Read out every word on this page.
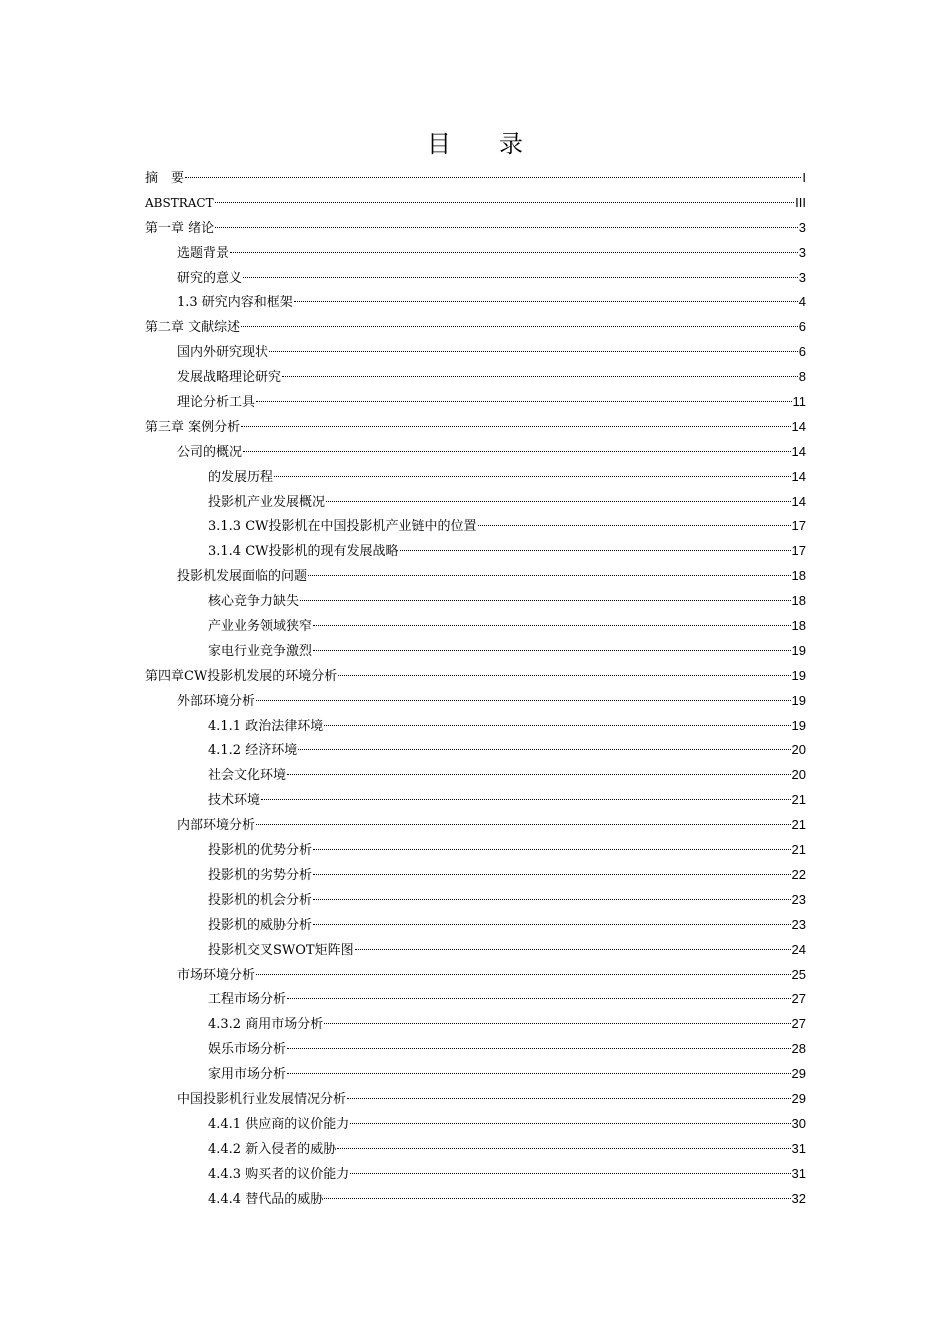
目 录
摘　要	I
ABSTRACT	III
第一章 绪论	3
选题背景	3
研究的意义	3
1.3 研究内容和框架	4
第二章 文献综述	6
国内外研究现状	6
发展战略理论研究	8
理论分析工具	11
第三章 案例分析	14
公司的概况	14
的发展历程	14
投影机产业发展概况	14
3.1.3 CW投影机在中国投影机产业链中的位置	17
3.1.4 CW投影机的现有发展战略	17
投影机发展面临的问题	18
核心竞争力缺失	18
产业业务领域狭窄	18
家电行业竞争激烈	19
第四章CW投影机发展的环境分析	19
外部环境分析	19
4.1.1 政治法律环境	19
4.1.2 经济环境	20
社会文化环境	20
技术环境	21
内部环境分析	21
投影机的优势分析	21
投影机的劣势分析	22
投影机的机会分析	23
投影机的威胁分析	23
投影机交叉SWOT矩阵图	24
市场环境分析	25
工程市场分析	27
4.3.2 商用市场分析	27
娱乐市场分析	28
家用市场分析	29
中国投影机行业发展情况分析	29
4.4.1 供应商的议价能力	30
4.4.2 新入侵者的威胁	31
4.4.3 购买者的议价能力	31
4.4.4 替代品的威胁	32
